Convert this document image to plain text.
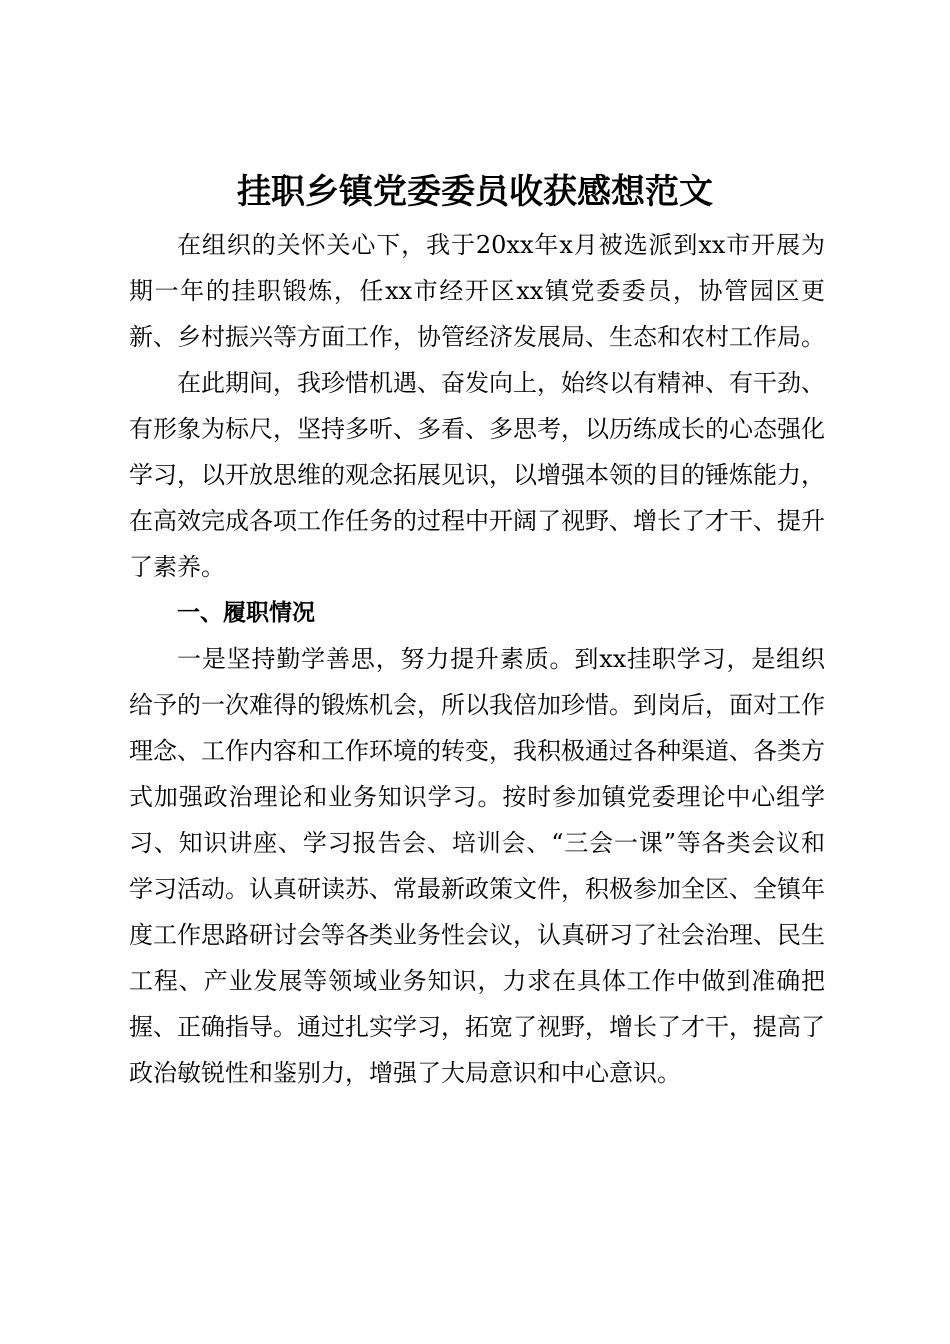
挂职乡镇党委委员收获感想范文

在组织的关怀关心下，我于20xx年x月被选派到xx市开展为期一年的挂职锻炼，任xx市经开区xx镇党委委员，协管园区更新、乡村振兴等方面工作，协管经济发展局、生态和农村工作局。

在此期间，我珍惜机遇、奋发向上，始终以有精神、有干劲、有形象为标尺，坚持多听、多看、多思考，以历练成长的心态强化学习，以开放思维的观念拓展见识，以增强本领的目的锤炼能力，在高效完成各项工作任务的过程中开阔了视野、增长了才干、提升了素养。

一、履职情况

一是坚持勤学善思，努力提升素质。到xx挂职学习，是组织给予的一次难得的锻炼机会，所以我倍加珍惜。到岗后，面对工作理念、工作内容和工作环境的转变，我积极通过各种渠道、各类方式加强政治理论和业务知识学习。按时参加镇党委理论中心组学习、知识讲座、学习报告会、培训会、“三会一课”等各类会议和学习活动。认真研读苏、常最新政策文件，积极参加全区、全镇年度工作思路研讨会等各类业务性会议，认真研习了社会治理、民生工程、产业发展等领域业务知识，力求在具体工作中做到准确把握、正确指导。通过扎实学习，拓宽了视野，增长了才干，提高了政治敏锐性和鉴别力，增强了大局意识和中心意识。
